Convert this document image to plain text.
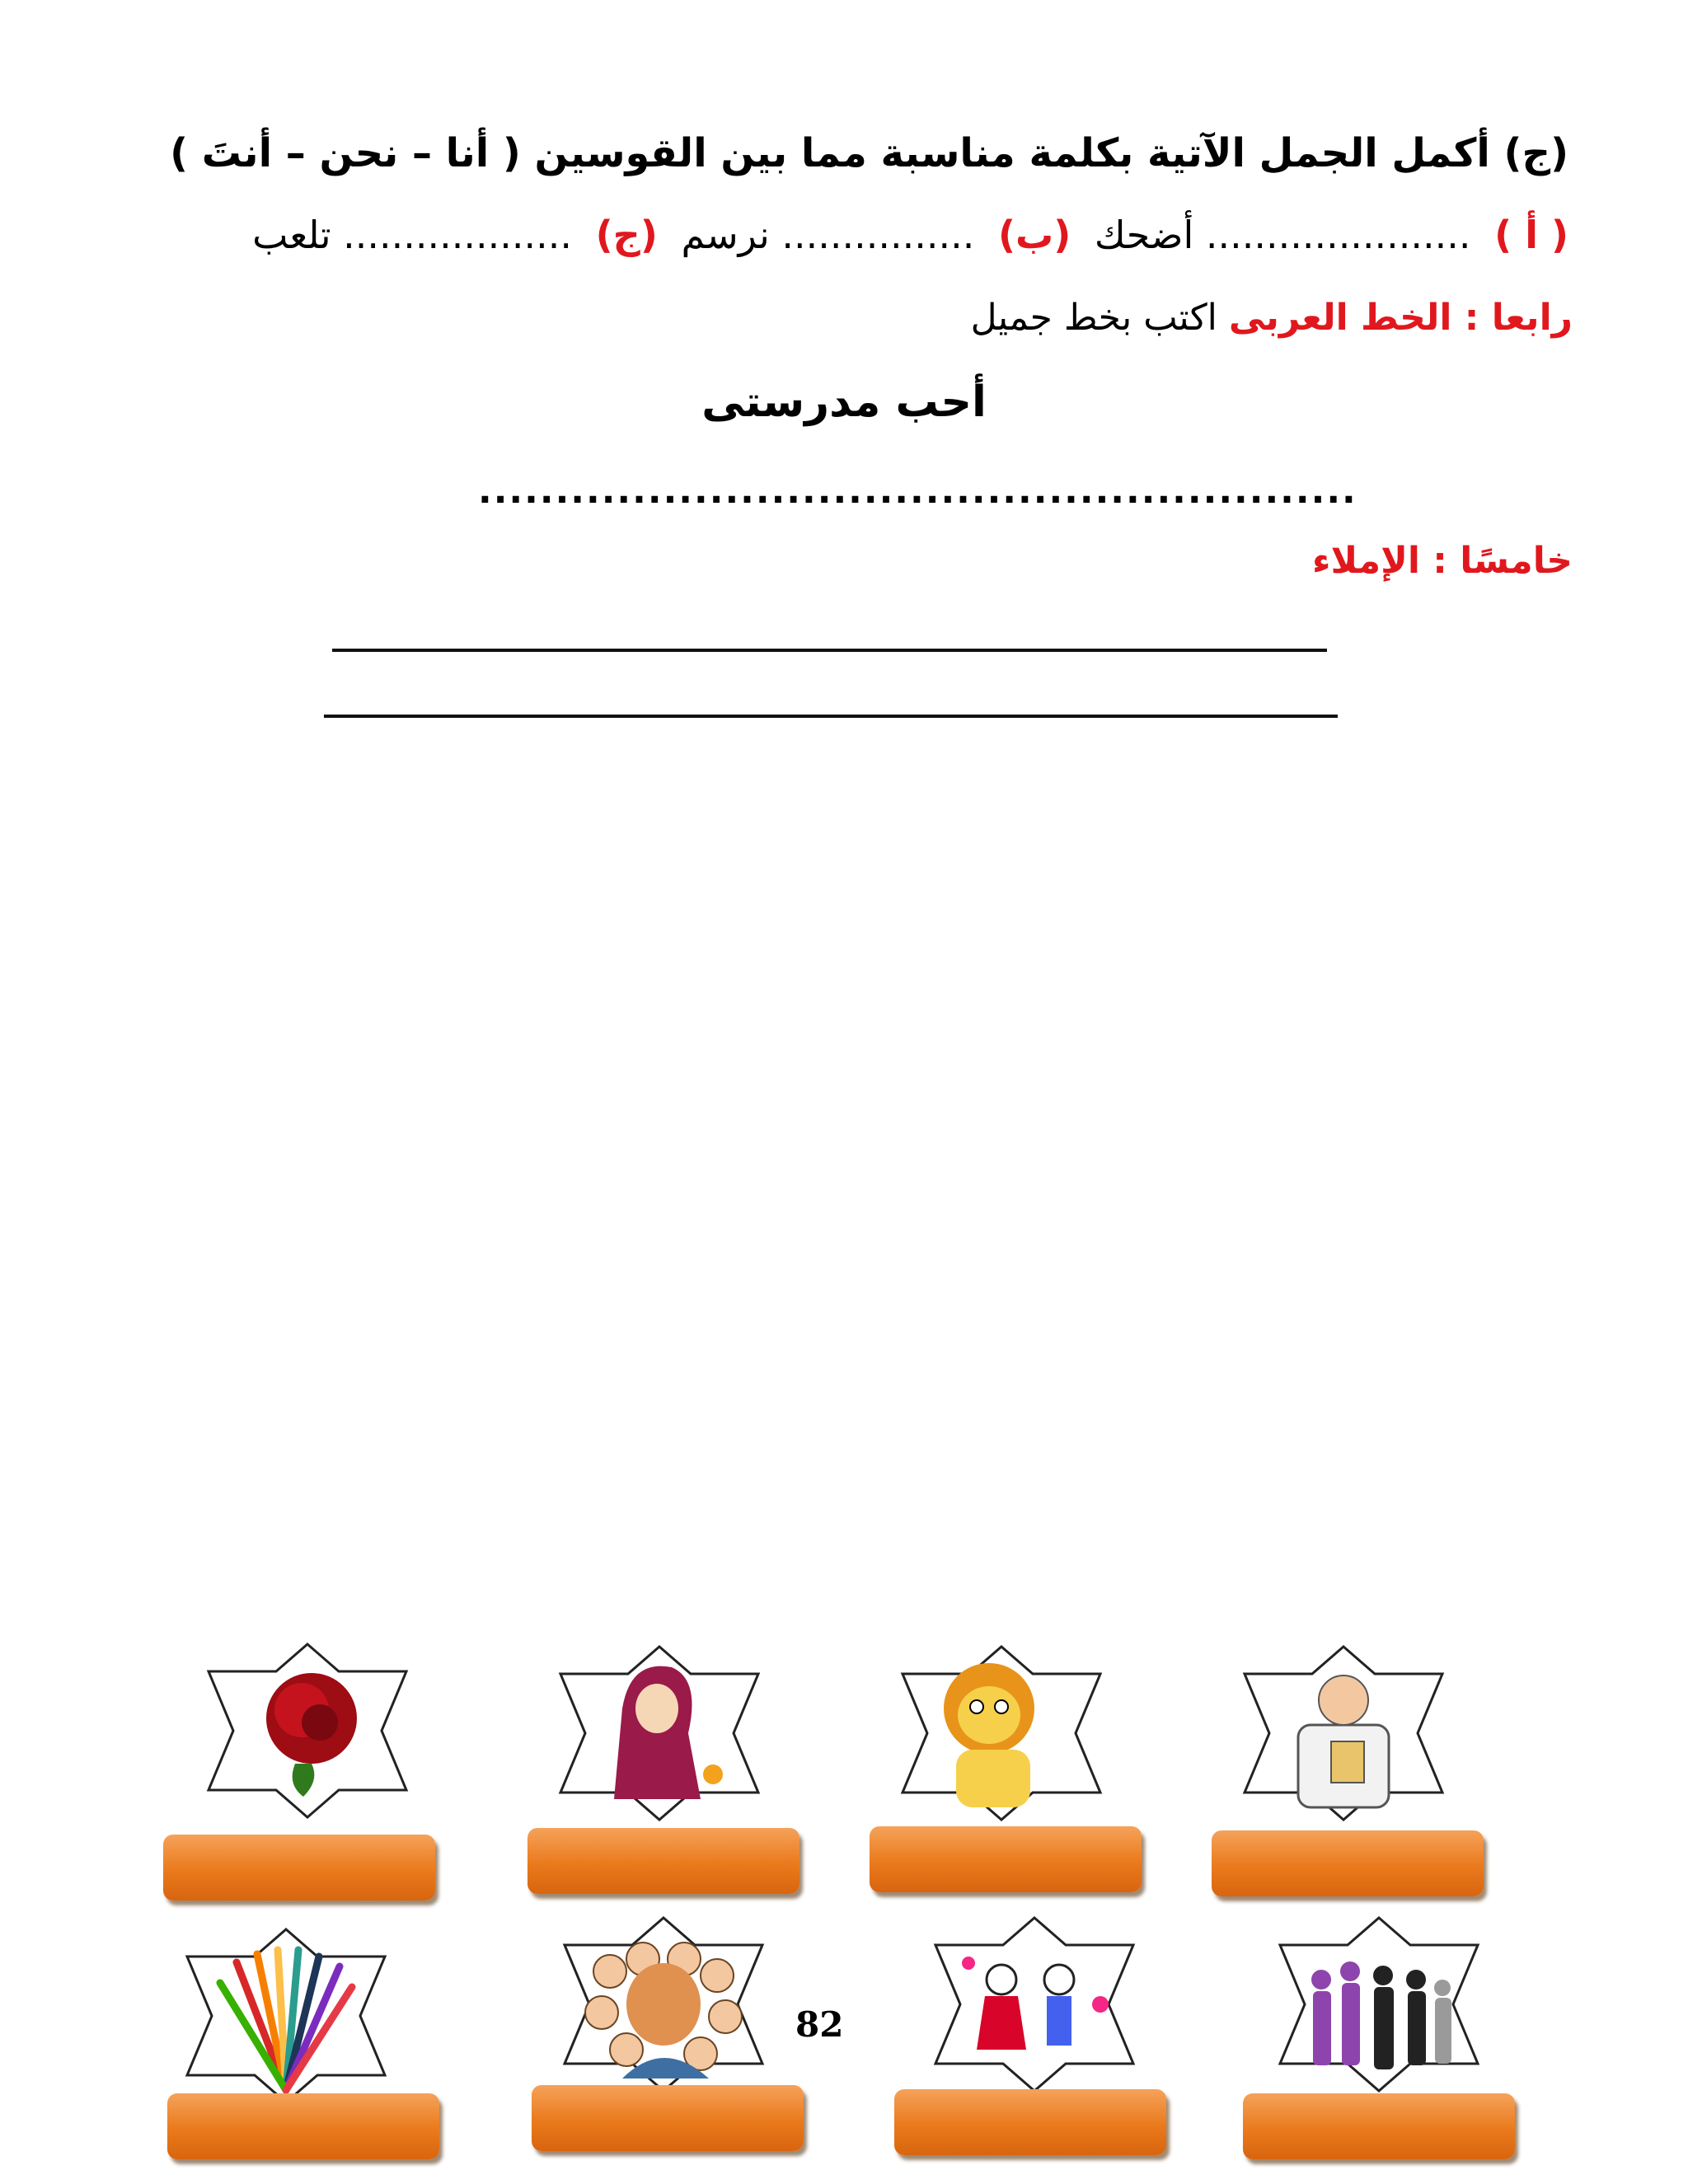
(ج) أكمل الجمل الآتية بكلمة مناسبة مما بين القوسين ( أنا – نحن – أنتَ )
( أ ) ...................... أضحك (ب) ................ نرسم (ج) ................... تلعب
رابعا : الخط العربى اكتب بخط جميل
أحب مدرستى
.........................................................
خامسًا : الإملاء
82
